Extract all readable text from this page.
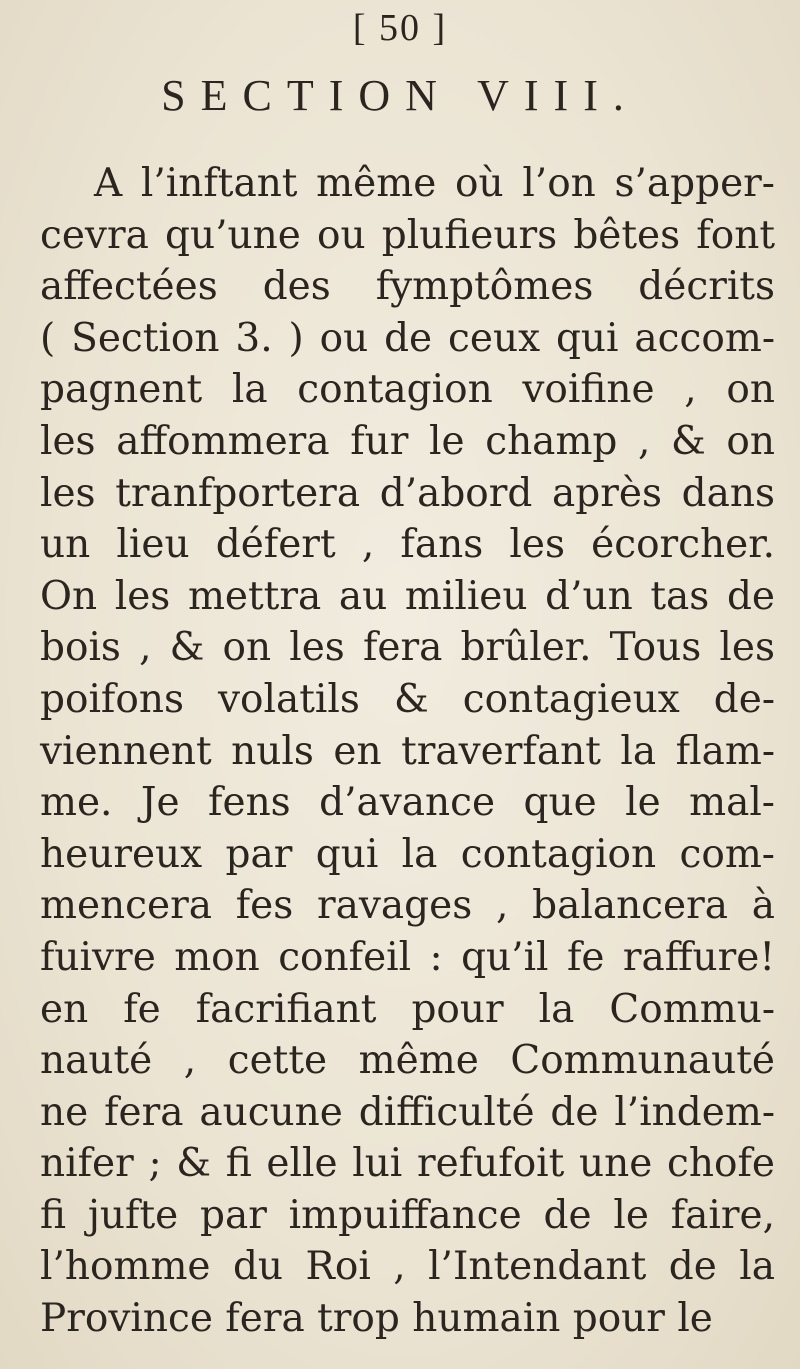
[ 50 ]
SECTION VIII.
A l’inftant même où l’on s’apper-
cevra qu’une ou plufieurs bêtes font
affectées des fymptômes décrits
( Section 3. ) ou de ceux qui accom-
pagnent la contagion voifine , on
les affommera fur le champ , & on
les tranfportera d’abord après dans
un lieu défert , fans les écorcher.
On les mettra au milieu d’un tas de
bois , & on les fera brûler. Tous les
poifons volatils & contagieux de-
viennent nuls en traverfant la flam-
me. Je fens d’avance que le mal-
heureux par qui la contagion com-
mencera fes ravages , balancera à
fuivre mon confeil : qu’il fe raffure!
en fe facrifiant pour la Commu-
nauté , cette même Communauté
ne fera aucune difficulté de l’indem-
nifer ; & fi elle lui refufoit une chofe
fi jufte par impuiffance de le faire,
l’homme du Roi , l’Intendant de la
Province fera trop humain pour le
